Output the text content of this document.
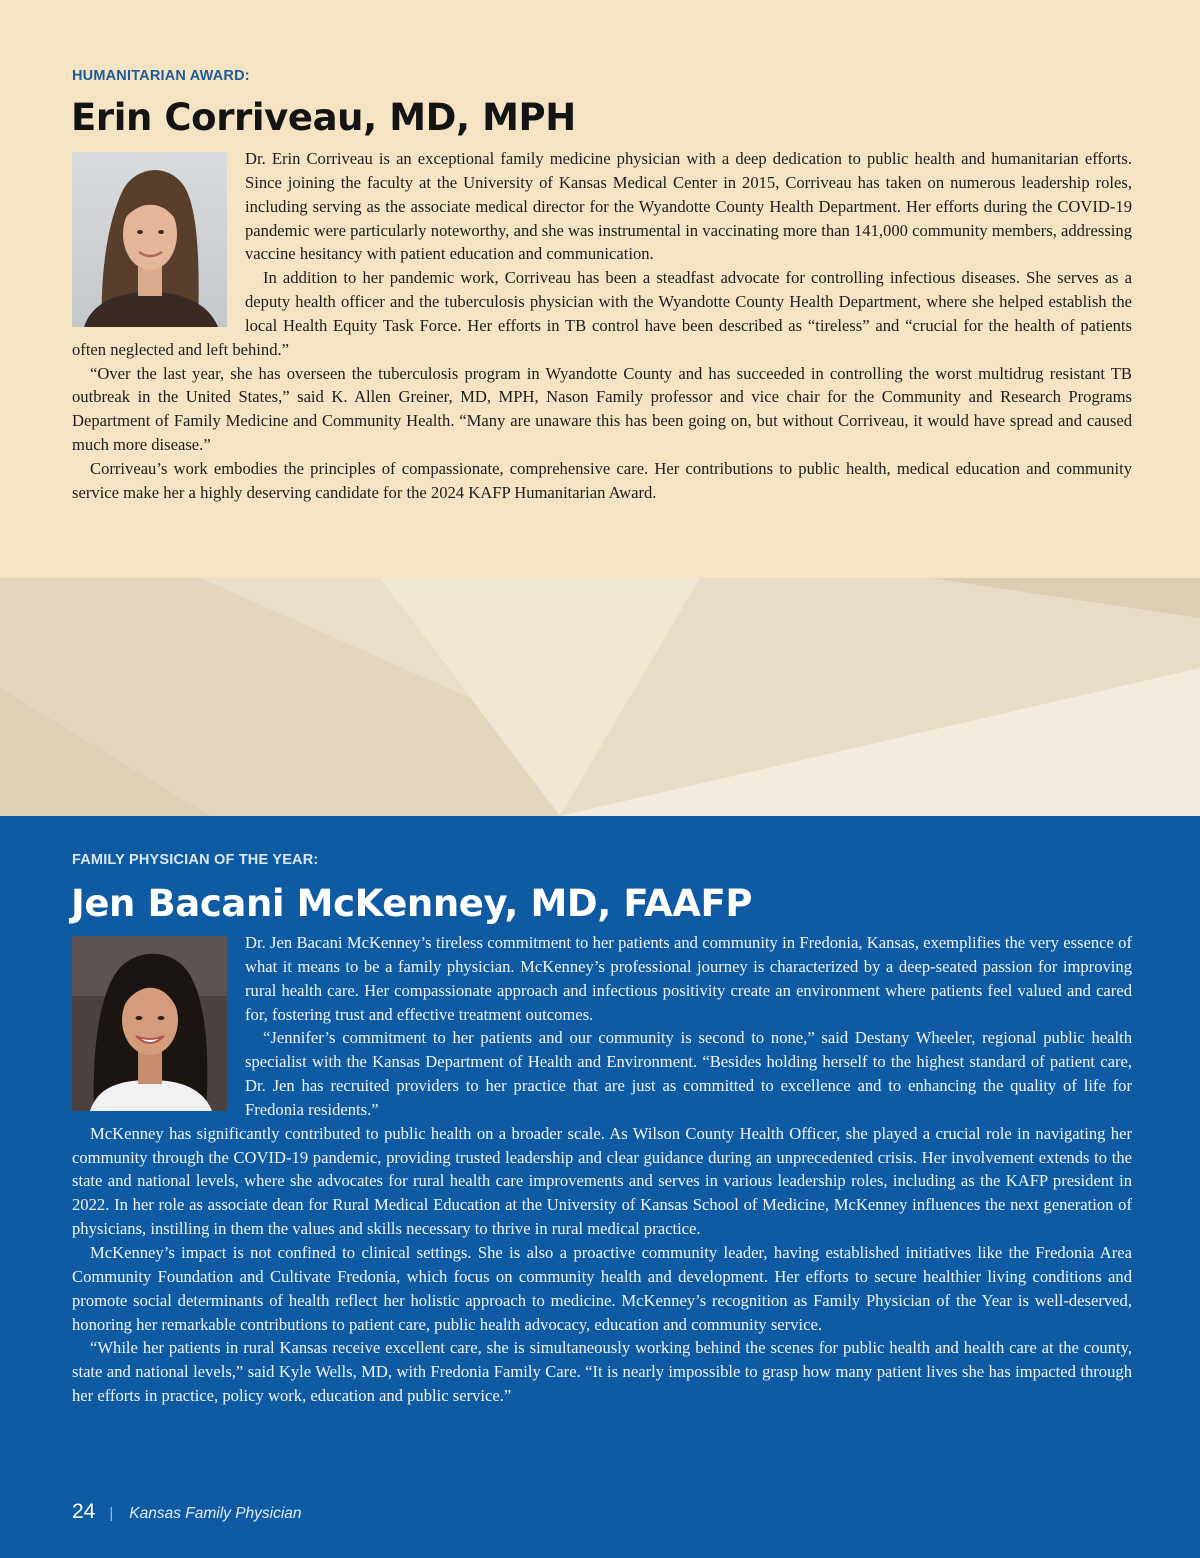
HUMANITARIAN AWARD:
Erin Corriveau, MD, MPH

Dr. Erin Corriveau is an exceptional family medicine physician with a deep dedication to public health and humanitarian efforts. Since joining the faculty at the University of Kansas Medical Center in 2015, Corriveau has taken on numerous leadership roles, including serving as the associate medical director for the Wyandotte County Health Department. Her efforts during the COVID-19 pandemic were particularly noteworthy, and she was instrumental in vaccinating more than 141,000 community members, addressing vaccine hesitancy with patient education and communication.

In addition to her pandemic work, Corriveau has been a steadfast advocate for controlling infectious diseases. She serves as a deputy health officer and the tuberculosis physician with the Wyandotte County Health Department, where she helped establish the local Health Equity Task Force. Her efforts in TB control have been described as “tireless” and “crucial for the health of patients often neglected and left behind.”

“Over the last year, she has overseen the tuberculosis program in Wyandotte County and has succeeded in controlling the worst multidrug resistant TB outbreak in the United States,” said K. Allen Greiner, MD, MPH, Nason Family professor and vice chair for the Community and Research Programs Department of Family Medicine and Community Health. “Many are unaware this has been going on, but without Corriveau, it would have spread and caused much more disease.”

Corriveau’s work embodies the principles of compassionate, comprehensive care. Her contributions to public health, medical education and community service make her a highly deserving candidate for the 2024 KAFP Humanitarian Award.

FAMILY PHYSICIAN OF THE YEAR:
Jen Bacani McKenney, MD, FAAFP

Dr. Jen Bacani McKenney’s tireless commitment to her patients and community in Fredonia, Kansas, exemplifies the very essence of what it means to be a family physician. McKenney’s professional journey is characterized by a deep-seated passion for improving rural health care. Her compassionate approach and infectious positivity create an environment where patients feel valued and cared for, fostering trust and effective treatment outcomes.

“Jennifer’s commitment to her patients and our community is second to none,” said Destany Wheeler, regional public health specialist with the Kansas Department of Health and Environment. “Besides holding herself to the highest standard of patient care, Dr. Jen has recruited providers to her practice that are just as committed to excellence and to enhancing the quality of life for Fredonia residents.”

McKenney has significantly contributed to public health on a broader scale. As Wilson County Health Officer, she played a crucial role in navigating her community through the COVID-19 pandemic, providing trusted leadership and clear guidance during an unprecedented crisis. Her involvement extends to the state and national levels, where she advocates for rural health care improvements and serves in various leadership roles, including as the KAFP president in 2022. In her role as associate dean for Rural Medical Education at the University of Kansas School of Medicine, McKenney influences the next generation of physicians, instilling in them the values and skills necessary to thrive in rural medical practice.

McKenney’s impact is not confined to clinical settings. She is also a proactive community leader, having established initiatives like the Fredonia Area Community Foundation and Cultivate Fredonia, which focus on community health and development. Her efforts to secure healthier living conditions and promote social determinants of health reflect her holistic approach to medicine. McKenney’s recognition as Family Physician of the Year is well-deserved, honoring her remarkable contributions to patient care, public health advocacy, education and community service.

“While her patients in rural Kansas receive excellent care, she is simultaneously working behind the scenes for public health and health care at the county, state and national levels,” said Kyle Wells, MD, with Fredonia Family Care. “It is nearly impossible to grasp how many patient lives she has impacted through her efforts in practice, policy work, education and public service.”

24 | Kansas Family Physician
